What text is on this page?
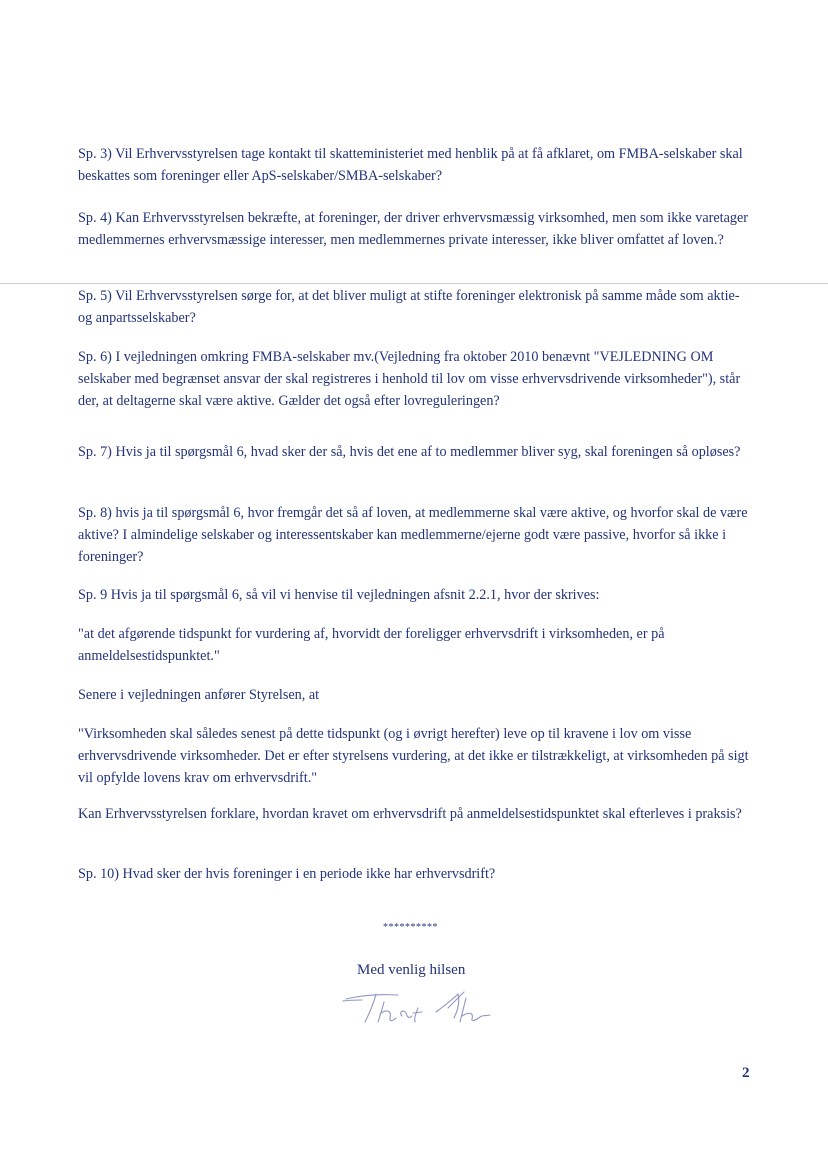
Sp. 3) Vil Erhvervsstyrelsen tage kontakt til skatteministeriet med henblik på at få afklaret, om FMBA-selskaber skal beskattes som foreninger eller ApS-selskaber/SMBA-selskaber?

Sp. 4) Kan Erhvervsstyrelsen bekræfte, at foreninger, der driver erhvervsmæssig virksomhed, men som ikke varetager medlemmernes erhvervsmæssige interesser, men medlemmernes private interesser, ikke bliver omfattet af loven.?

Sp. 5) Vil Erhvervsstyrelsen sørge for, at det bliver muligt at stifte foreninger elektronisk på samme måde som aktie- og anpartsselskaber?

Sp. 6) I vejledningen omkring FMBA-selskaber mv.(Vejledning fra oktober 2010 benævnt "VEJLEDNING OM selskaber med begrænset ansvar der skal registreres i henhold til lov om visse erhvervsdrivende virksomheder"), står der, at deltagerne skal være aktive. Gælder det også efter lovreguleringen?

Sp. 7) Hvis ja til spørgsmål 6, hvad sker der så, hvis det ene af to medlemmer bliver syg, skal foreningen så opløses?

Sp. 8) hvis ja til spørgsmål 6, hvor fremgår det så af loven, at medlemmerne skal være aktive, og hvorfor skal de være aktive? I almindelige selskaber og interessentskaber kan medlemmerne/ejerne godt være passive, hvorfor så ikke i foreninger?

Sp. 9 Hvis ja til spørgsmål 6, så vil vi henvise til vejledningen afsnit 2.2.1, hvor der skrives:

"at det afgørende tidspunkt for vurdering af, hvorvidt der foreligger erhvervsdrift i virksomheden, er på anmeldelsestidspunktet."

Senere i vejledningen anfører Styrelsen, at

"Virksomheden skal således senest på dette tidspunkt (og i øvrigt herefter) leve op til kravene i lov om visse erhvervsdrivende virksomheder. Det er efter styrelsens vurdering, at det ikke er tilstrækkeligt, at virksomheden på sigt vil opfylde lovens krav om erhvervsdrift."

Kan Erhvervsstyrelsen forklare, hvordan kravet om erhvervsdrift på anmeldelsestidspunktet skal efterleves i praksis?

Sp. 10) Hvad sker der hvis foreninger i en periode ikke har erhvervsdrift?

**********
Med venlig hilsen
2
